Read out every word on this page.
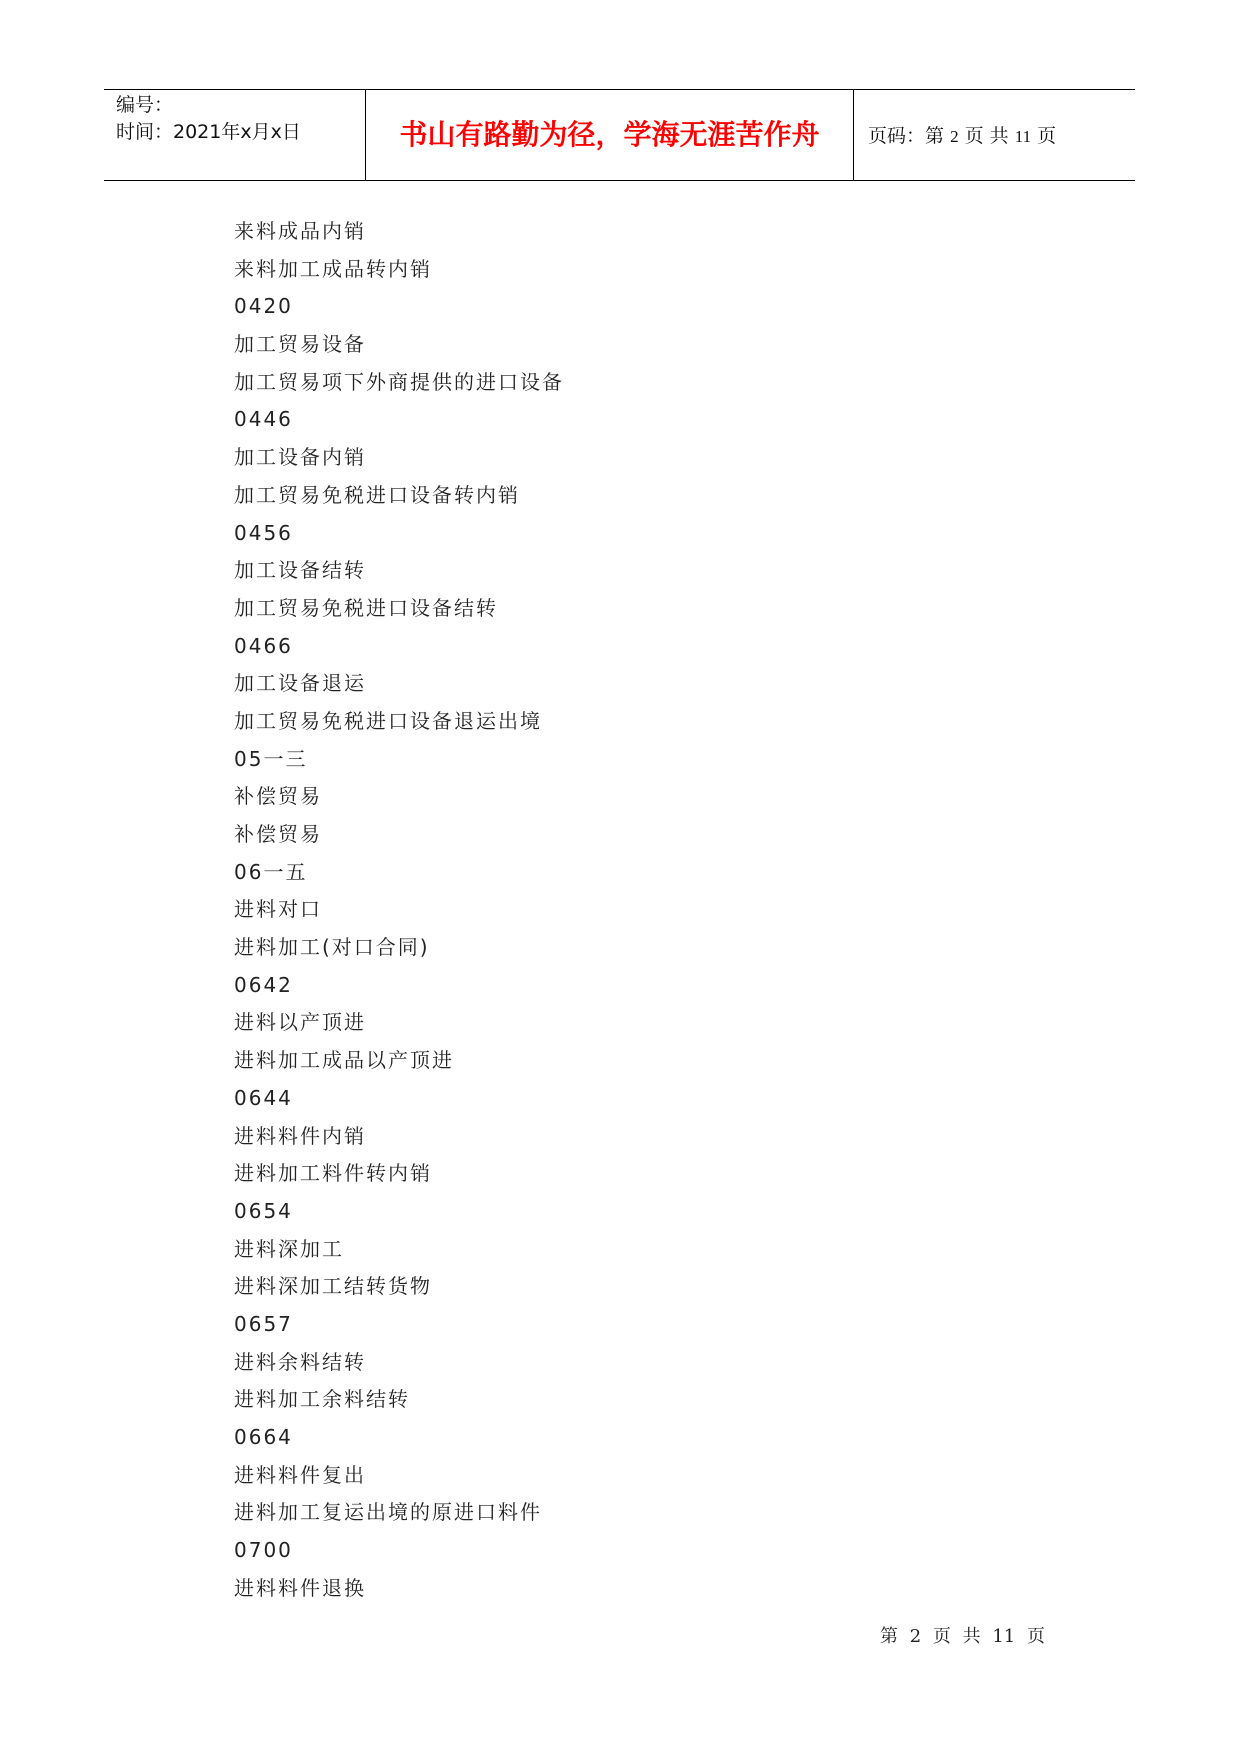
编号：
时间：2021年x月x日	书山有路勤为径，学海无涯苦作舟	页码：第 2 页 共 11 页
来料成品内销
来料加工成品转内销
0420
加工贸易设备
加工贸易项下外商提供的进口设备
0446
加工设备内销
加工贸易免税进口设备转内销
0456
加工设备结转
加工贸易免税进口设备结转
0466
加工设备退运
加工贸易免税进口设备退运出境
05一三
补偿贸易
补偿贸易
06一五
进料对口
进料加工(对口合同)
0642
进料以产顶进
进料加工成品以产顶进
0644
进料料件内销
进料加工料件转内销
0654
进料深加工
进料深加工结转货物
0657
进料余料结转
进料加工余料结转
0664
进料料件复出
进料加工复运出境的原进口料件
0700
进料料件退换
第 2 页 共 11 页
